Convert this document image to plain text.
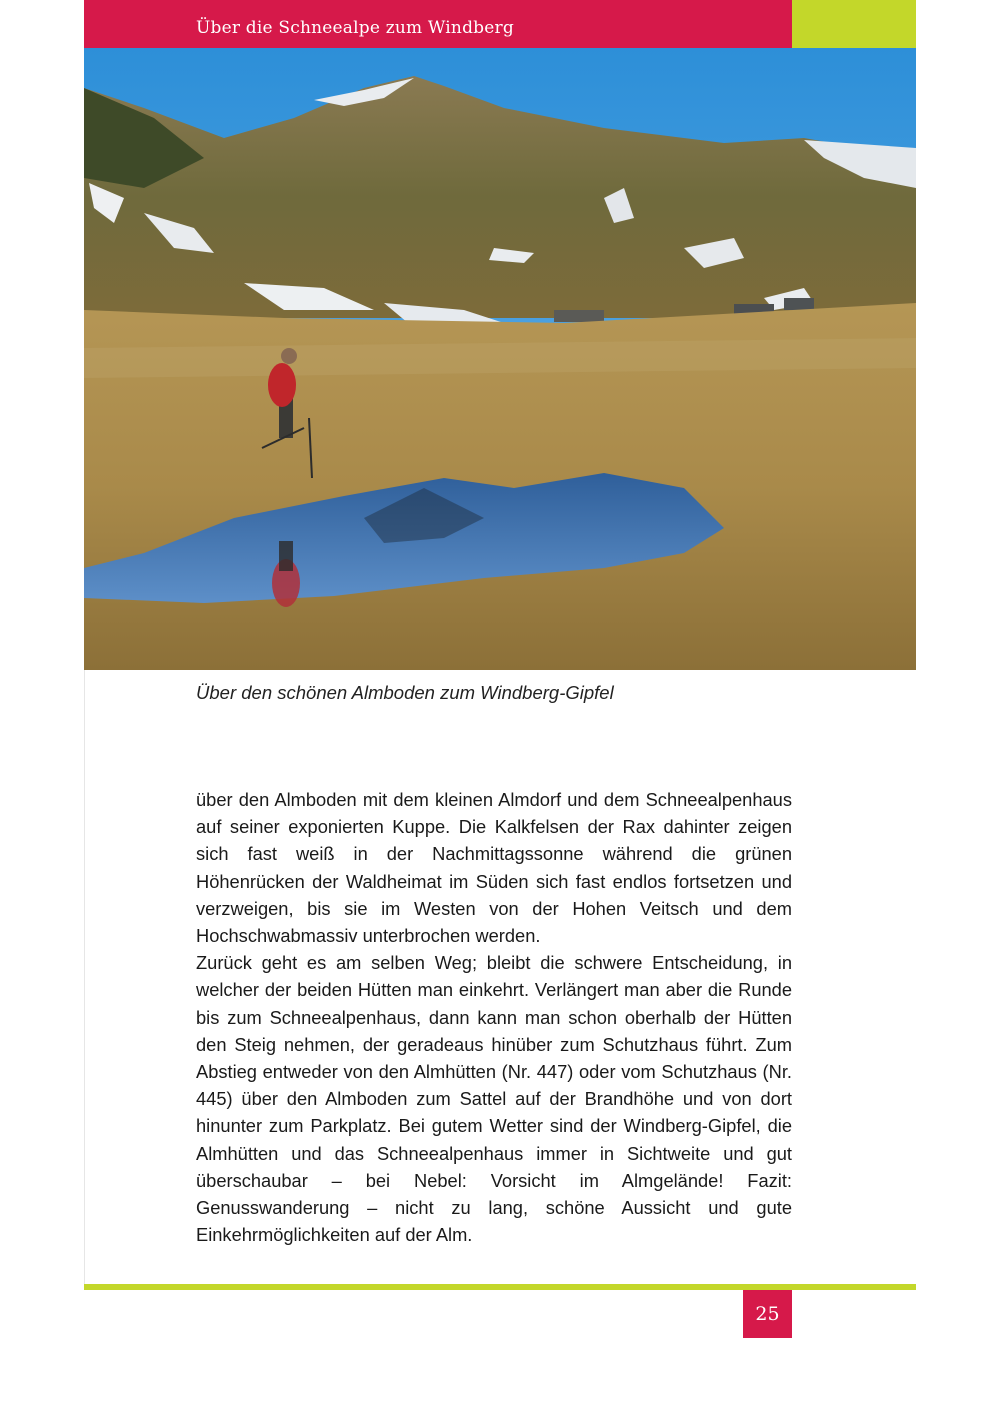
Über die Schneealpe zum Windberg
Über den schönen Almboden zum Windberg-Gipfel

über den Almboden mit dem kleinen Almdorf und dem Schneealpenhaus auf seiner exponierten Kuppe. Die Kalkfelsen der Rax dahinter zeigen sich fast weiß in der Nachmittagssonne während die grünen Höhenrücken der Waldheimat im Süden sich fast endlos fortsetzen und verzweigen, bis sie im Westen von der Hohen Veitsch und dem Hochschwabmassiv unterbrochen werden.

Zurück geht es am selben Weg; bleibt die schwere Entscheidung, in welcher der beiden Hütten man einkehrt. Verlängert man aber die Runde bis zum Schneealpenhaus, dann kann man schon oberhalb der Hütten den Steig nehmen, der geradeaus hinüber zum Schutzhaus führt. Zum Abstieg entweder von den Almhütten (Nr. 447) oder vom Schutzhaus (Nr. 445) über den Almboden zum Sattel auf der Brandhöhe und von dort hinunter zum Parkplatz. Bei gutem Wetter sind der Windberg-Gipfel, die Almhütten und das Schneealpenhaus immer in Sichtweite und gut überschaubar – bei Nebel: Vorsicht im Almgelände! Fazit: Genusswanderung – nicht zu lang, schöne Aussicht und gute Einkehrmöglichkeiten auf der Alm.

25
